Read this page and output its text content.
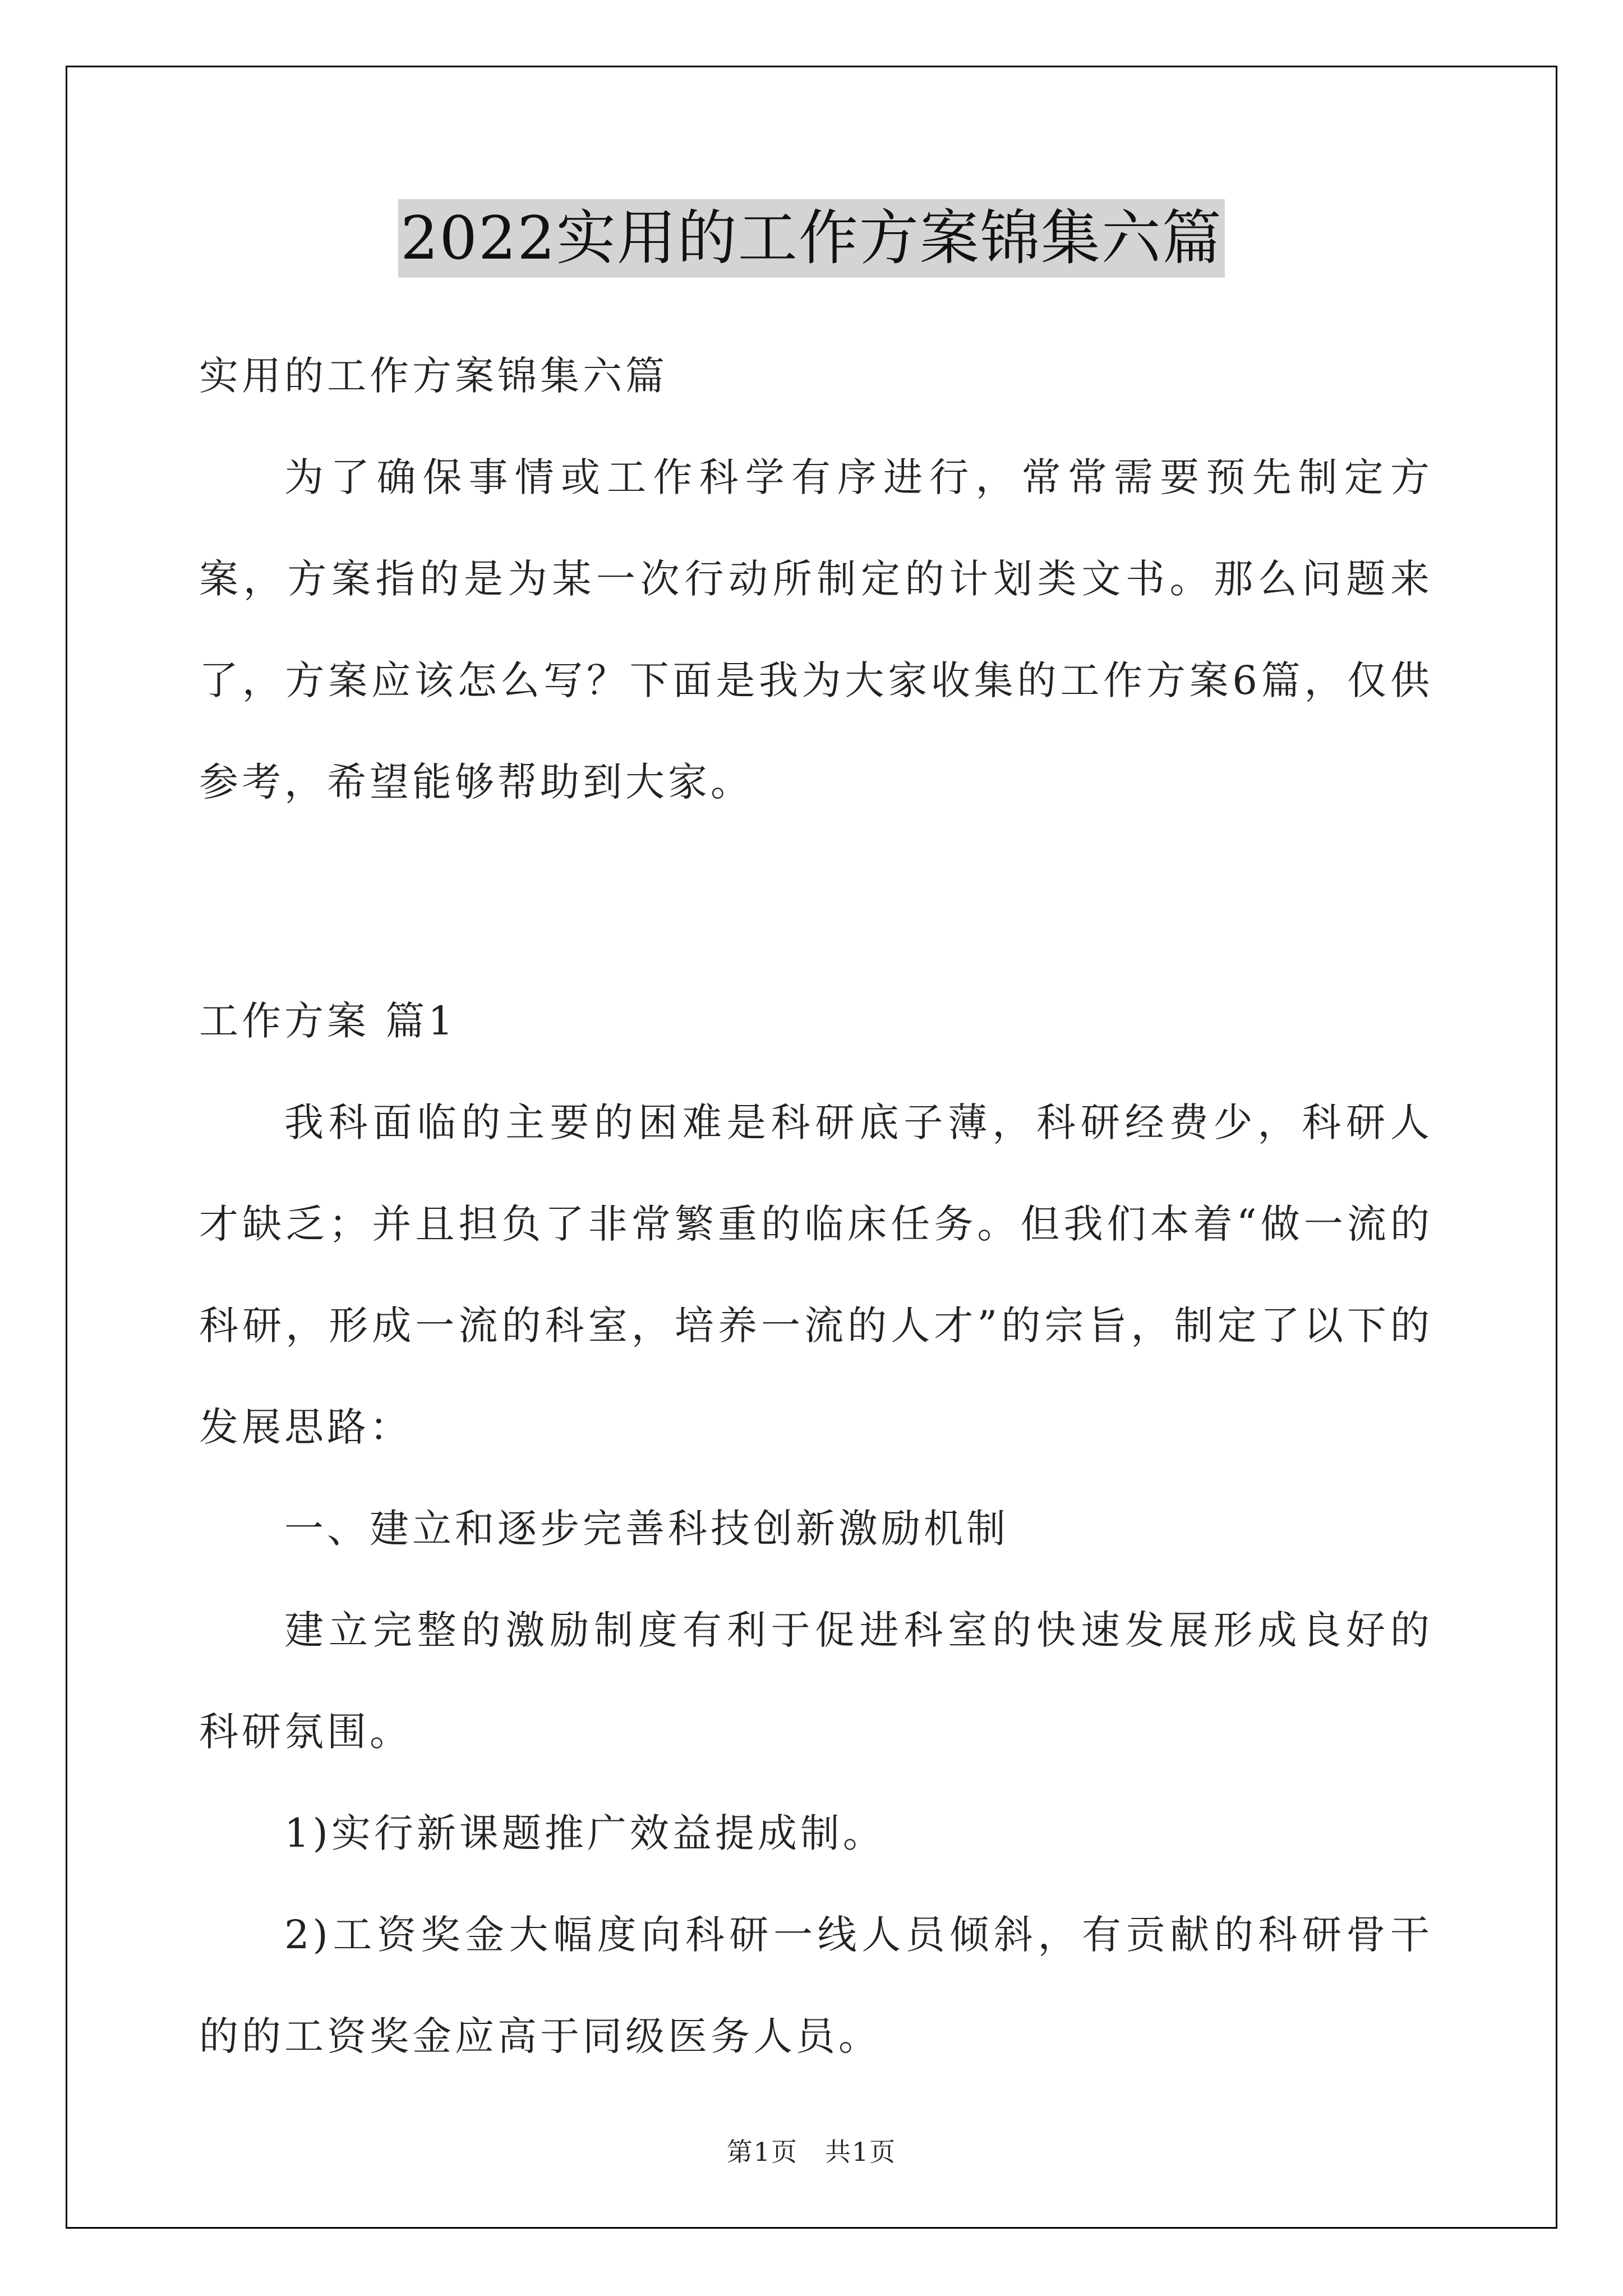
2022实用的工作方案锦集六篇

实用的工作方案锦集六篇

为了确保事情或工作科学有序进行，常常需要预先制定方案，方案指的是为某一次行动所制定的计划类文书。那么问题来了，方案应该怎么写？下面是我为大家收集的工作方案6篇，仅供参考，希望能够帮助到大家。

工作方案 篇1

我科面临的主要的困难是科研底子薄，科研经费少，科研人才缺乏；并且担负了非常繁重的临床任务。但我们本着“做一流的科研，形成一流的科室，培养一流的人才”的宗旨，制定了以下的发展思路：

一、建立和逐步完善科技创新激励机制

建立完整的激励制度有利于促进科室的快速发展形成良好的科研氛围。

1)实行新课题推广效益提成制。

2)工资奖金大幅度向科研一线人员倾斜，有贡献的科研骨干的的工资奖金应高于同级医务人员。

第1页　共1页
